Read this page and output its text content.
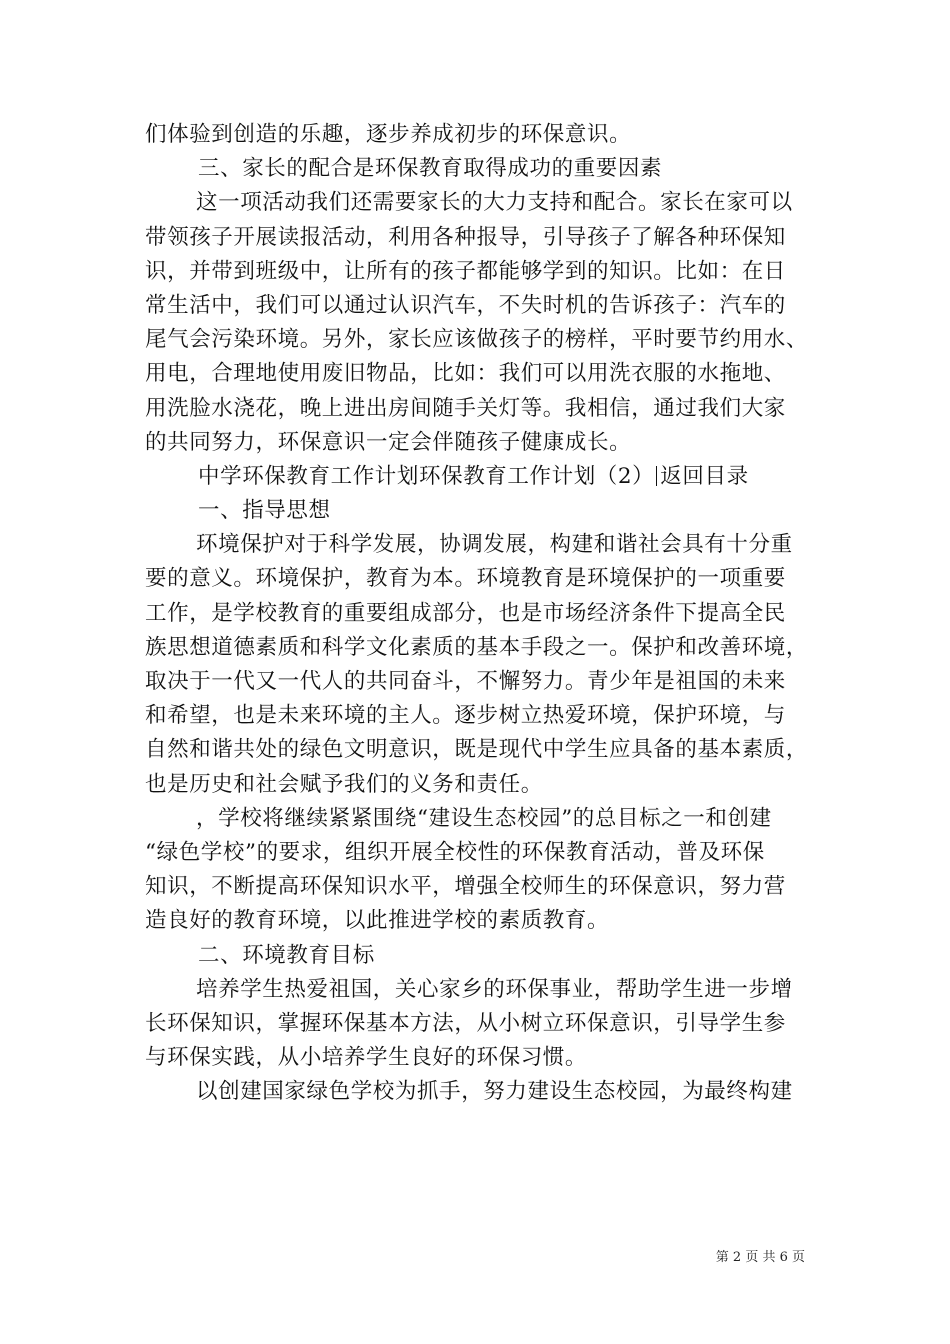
们体验到创造的乐趣，逐步养成初步的环保意识。
三、家长的配合是环保教育取得成功的重要因素
这一项活动我们还需要家长的大力支持和配合。家长在家可以
带领孩子开展读报活动，利用各种报导，引导孩子了解各种环保知
识，并带到班级中，让所有的孩子都能够学到的知识。比如：在日
常生活中，我们可以通过认识汽车，不失时机的告诉孩子：汽车的
尾气会污染环境。另外，家长应该做孩子的榜样，平时要节约用水、
用电，合理地使用废旧物品，比如：我们可以用洗衣服的水拖地、
用洗脸水浇花，晚上进出房间随手关灯等。我相信，通过我们大家
的共同努力，环保意识一定会伴随孩子健康成长。
中学环保教育工作计划环保教育工作计划（2） 返回目录
一、指导思想
环境保护对于科学发展，协调发展，构建和谐社会具有十分重
要的意义。环境保护，教育为本。环境教育是环境保护的一项重要
工作，是学校教育的重要组成部分，也是市场经济条件下提高全民
族思想道德素质和科学文化素质的基本手段之一。保护和改善环境，
取决于一代又一代人的共同奋斗，不懈努力。青少年是祖国的未来
和希望，也是未来环境的主人。逐步树立热爱环境，保护环境，与
自然和谐共处的绿色文明意识，既是现代中学生应具备的基本素质，
也是历史和社会赋予我们的义务和责任。
，学校将继续紧紧围绕“建设生态校园”的总目标之一和创建
“绿色学校”的要求，组织开展全校性的环保教育活动，普及环保
知识，不断提高环保知识水平，增强全校师生的环保意识，努力营
造良好的教育环境，以此推进学校的素质教育。
二、环境教育目标
培养学生热爱祖国，关心家乡的环保事业，帮助学生进一步增
长环保知识，掌握环保基本方法，从小树立环保意识，引导学生参
与环保实践，从小培养学生良好的环保习惯。
以创建国家绿色学校为抓手，努力建设生态校园，为最终构建
第 2 页 共 6 页
